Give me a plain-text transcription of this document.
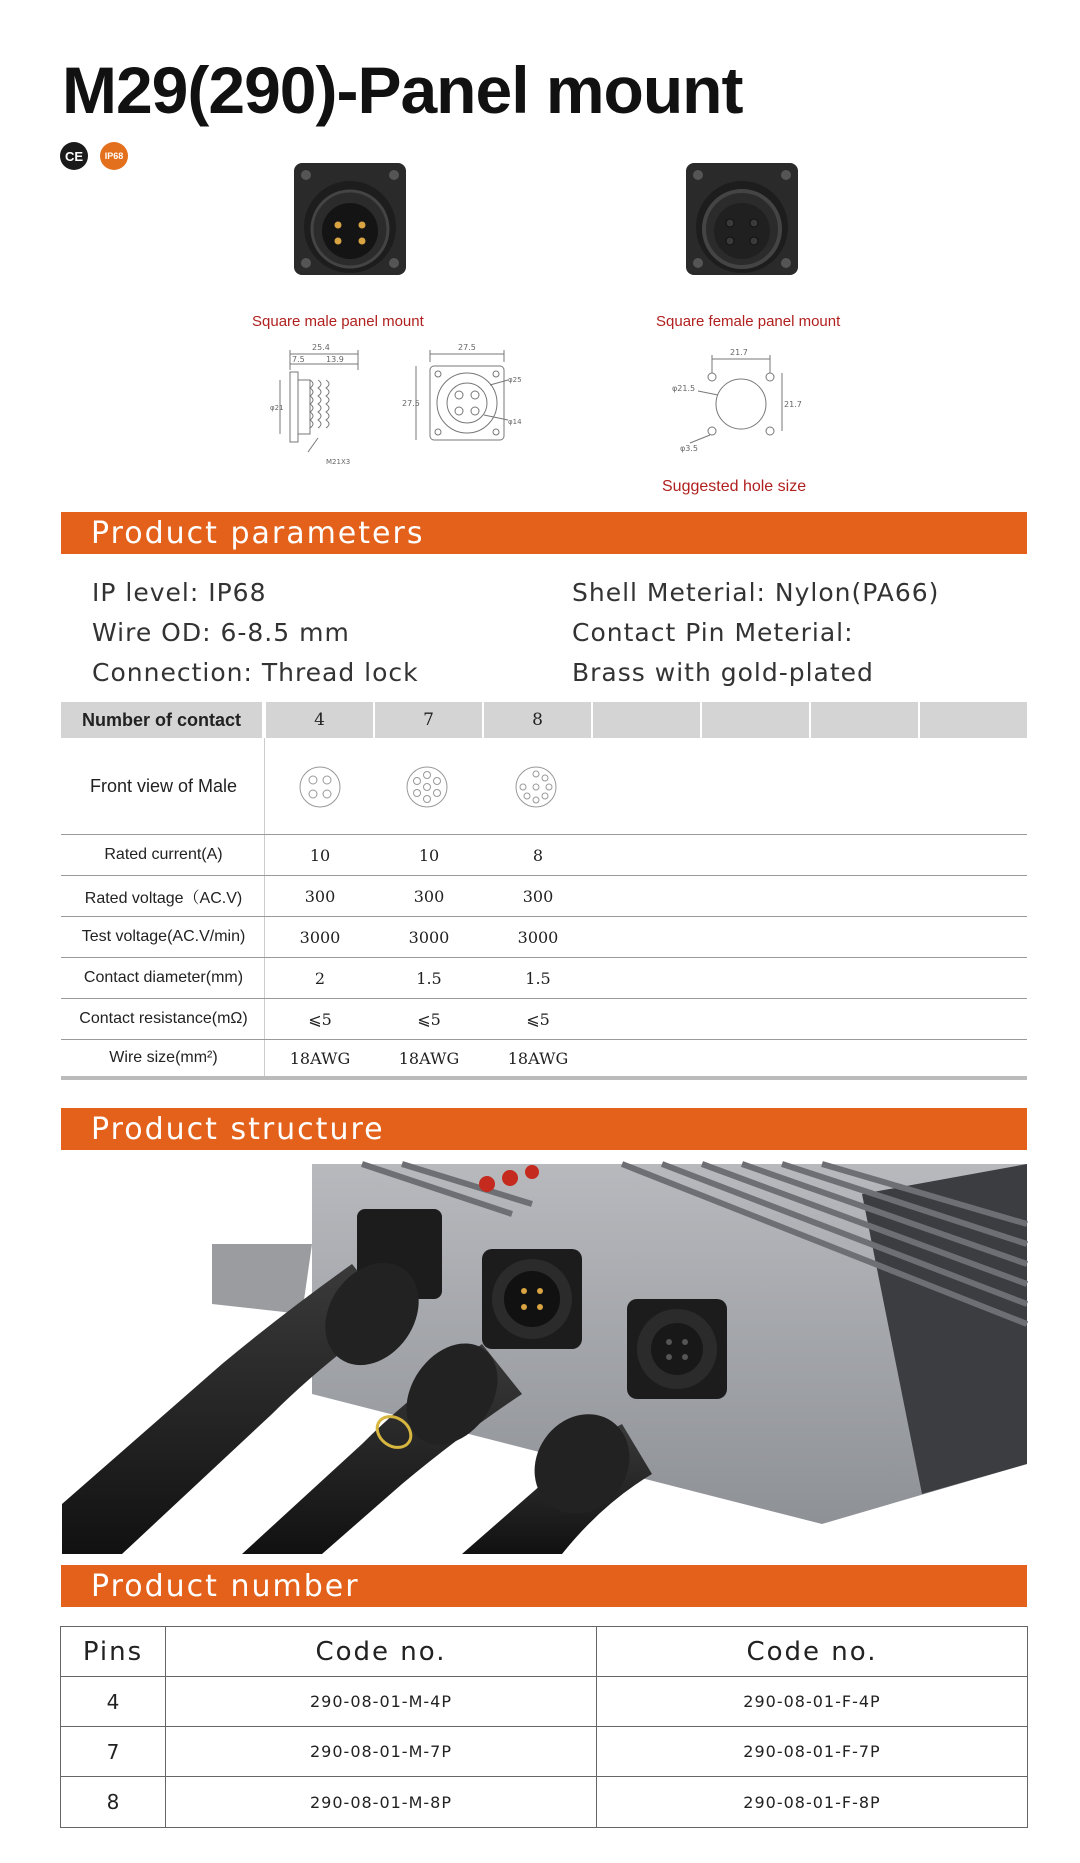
M29(290)-Panel mount
CE	IP68
Square male panel mount	Square female panel mount
25.4
7.5	13.9
φ21
M21X3
27.5
27.5
φ25
φ14
21.7
21.7
φ21.5
φ3.5
Suggested hole size
Product parameters
IP level: IP68
Wire OD: 6-8.5 mm
Connection: Thread lock
Shell Meterial: Nylon(PA66)
Contact Pin Meterial:
Brass with gold-plated
Number of contact	4	7	8
Front view of Male
Rated current(A)	10	10	8
Rated voltage（AC.V)	300	300	300
Test voltage(AC.V/min)	3000	3000	3000
Contact diameter(mm)	2	1.5	1.5
Contact resistance(mΩ)	⩽5	⩽5	⩽5
Wire size(mm²)	18AWG	18AWG	18AWG
Product structure
Product number
Pins	Code no.	Code no.
4	290-08-01-M-4P	290-08-01-F-4P
7	290-08-01-M-7P	290-08-01-F-7P
8	290-08-01-M-8P	290-08-01-F-8P
